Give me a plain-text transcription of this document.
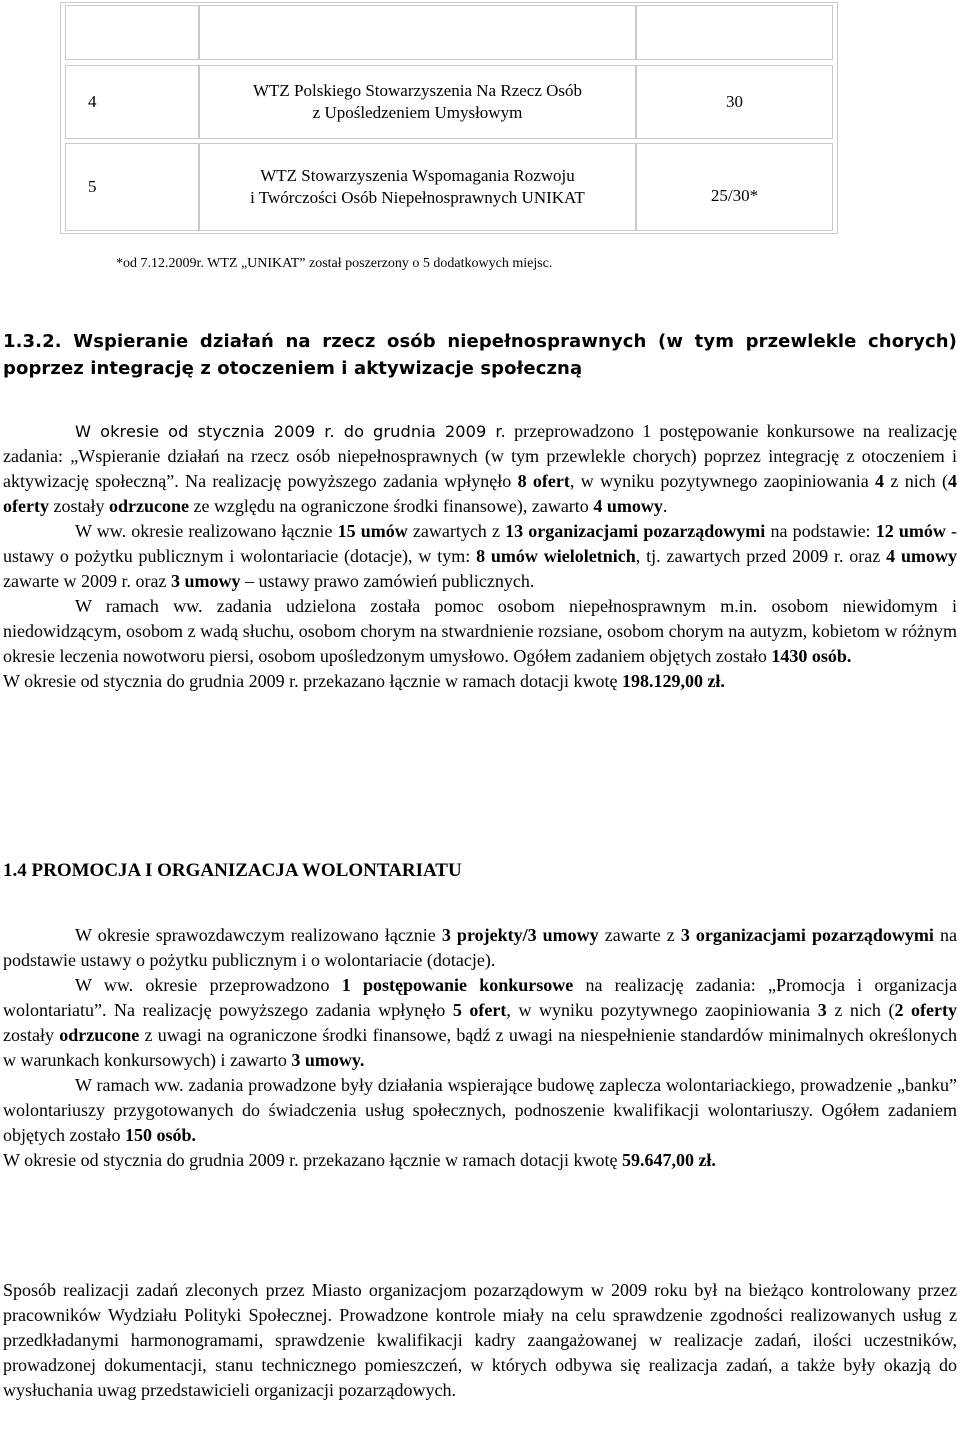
4
WTZ Polskiego Stowarzyszenia Na Rzecz Osób
z Upośledzeniem Umysłowym
30
5
WTZ Stowarzyszenia Wspomagania Rozwoju
i Twórczości Osób Niepełnosprawnych UNIKAT	25/30*
*od 7.12.2009r. WTZ „UNIKAT” został poszerzony o 5 dodatkowych miejsc.
1.3.2. Wspieranie działań na rzecz osób niepełnosprawnych (w tym przewlekle chorych) poprzez integrację z otoczeniem i aktywizacje społeczną

W okresie od stycznia 2009 r. do grudnia 2009 r. przeprowadzono 1 postępowanie konkursowe na realizację zadania: „Wspieranie działań na rzecz osób niepełnosprawnych (w tym przewlekle chorych) poprzez integrację z otoczeniem i aktywizację społeczną”. Na realizację powyższego zadania wpłynęło 8 ofert, w wyniku pozytywnego zaopiniowania 4 z nich (4 oferty zostały odrzucone ze względu na ograniczone środki finansowe), zawarto 4 umowy.

W ww. okresie realizowano łącznie 15 umów zawartych z 13 organizacjami pozarządowymi na podstawie: 12 umów - ustawy o pożytku publicznym i wolontariacie (dotacje), w tym: 8 umów wieloletnich, tj. zawartych przed 2009 r. oraz 4 umowy zawarte w 2009 r. oraz 3 umowy – ustawy prawo zamówień publicznych.

W ramach ww. zadania udzielona została pomoc osobom niepełnosprawnym m.in. osobom niewidomym i niedowidzącym, osobom z wadą słuchu, osobom chorym na stwardnienie rozsiane, osobom chorym na autyzm, kobietom w różnym okresie leczenia nowotworu piersi, osobom upośledzonym umysłowo. Ogółem zadaniem objętych zostało 1430 osób.

W okresie od stycznia do grudnia 2009 r. przekazano łącznie w ramach dotacji kwotę 198.129,00 zł.

1.4 PROMOCJA I ORGANIZACJA WOLONTARIATU

W okresie sprawozdawczym realizowano łącznie 3 projekty/3 umowy zawarte z 3 organizacjami pozarządowymi na podstawie ustawy o pożytku publicznym i o wolontariacie (dotacje).

W ww. okresie przeprowadzono 1 postępowanie konkursowe na realizację zadania: „Promocja i organizacja wolontariatu”. Na realizację powyższego zadania wpłynęło 5 ofert, w wyniku pozytywnego zaopiniowania 3 z nich (2 oferty zostały odrzucone z uwagi na ograniczone środki finansowe, bądź z uwagi na niespełnienie standardów minimalnych określonych w warunkach konkursowych) i zawarto 3 umowy.

W ramach ww. zadania prowadzone były działania wspierające budowę zaplecza wolontariackiego, prowadzenie „banku” wolontariuszy przygotowanych do świadczenia usług społecznych, podnoszenie kwalifikacji wolontariuszy. Ogółem zadaniem objętych zostało 150 osób.

W okresie od stycznia do grudnia 2009 r. przekazano łącznie w ramach dotacji kwotę 59.647,00 zł.

Sposób realizacji zadań zleconych przez Miasto organizacjom pozarządowym w 2009 roku był na bieżąco kontrolowany przez pracowników Wydziału Polityki Społecznej. Prowadzone kontrole miały na celu sprawdzenie zgodności realizowanych usług z przedkładanymi harmonogramami, sprawdzenie kwalifikacji kadry zaangażowanej w realizacje zadań, ilości uczestników, prowadzonej dokumentacji, stanu technicznego pomieszczeń, w których odbywa się realizacja zadań, a także były okazją do wysłuchania uwag przedstawicieli organizacji pozarządowych.
